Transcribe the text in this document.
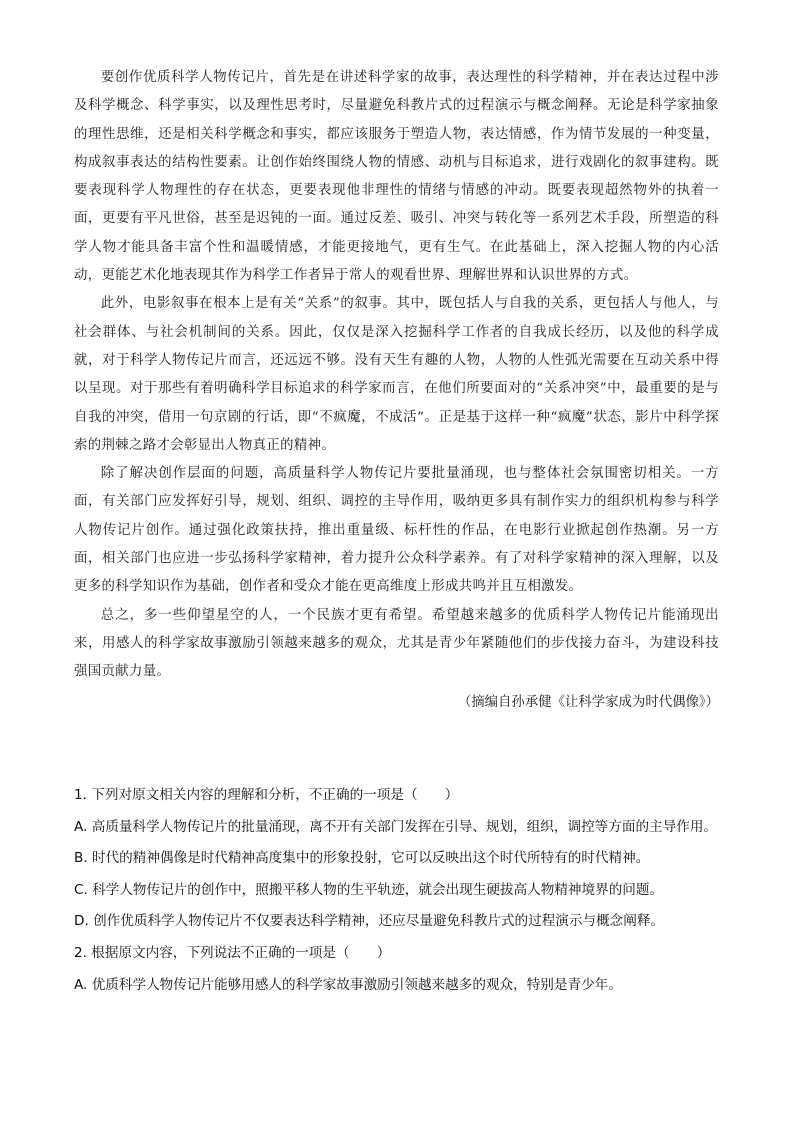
要创作优质科学人物传记片，首先是在讲述科学家的故事，表达理性的科学精神，并在表达过程中涉及科学概念、科学事实，以及理性思考时，尽量避免科教片式的过程演示与概念阐释。无论是科学家抽象的理性思维，还是相关科学概念和事实，都应该服务于塑造人物，表达情感，作为情节发展的一种变量，构成叙事表达的结构性要素。让创作始终围绕人物的情感、动机与目标追求，进行戏剧化的叙事建构。既要表现科学人物理性的存在状态，更要表现他非理性的情绪与情感的冲动。既要表现超然物外的执着一面，更要有平凡世俗，甚至是迟钝的一面。通过反差、吸引、冲突与转化等一系列艺术手段，所塑造的科学人物才能具备丰富个性和温暖情感，才能更接地气，更有生气。在此基础上，深入挖掘人物的内心活动，更能艺术化地表现其作为科学工作者异于常人的观看世界、理解世界和认识世界的方式。

此外，电影叙事在根本上是有关“关系”的叙事。其中，既包括人与自我的关系，更包括人与他人，与社会群体、与社会机制间的关系。因此，仅仅是深入挖掘科学工作者的自我成长经历，以及他的科学成就，对于科学人物传记片而言，还远远不够。没有天生有趣的人物，人物的人性弧光需要在互动关系中得以呈现。对于那些有着明确科学目标追求的科学家而言，在他们所要面对的“关系冲突”中，最重要的是与自我的冲突，借用一句京剧的行话，即“不疯魔，不成活”。正是基于这样一种“疯魔”状态，影片中科学探索的荆棘之路才会彰显出人物真正的精神。

除了解决创作层面的问题，高质量科学人物传记片要批量涌现，也与整体社会氛围密切相关。一方面，有关部门应发挥好引导，规划、组织、调控的主导作用，吸纳更多具有制作实力的组织机构参与科学人物传记片创作。通过强化政策扶持，推出重量级、标杆性的作品，在电影行业掀起创作热潮。另一方面，相关部门也应进一步弘扬科学家精神，着力提升公众科学素养。有了对科学家精神的深入理解，以及更多的科学知识作为基础，创作者和受众才能在更高维度上形成共鸣并且互相激发。

总之，多一些仰望星空的人，一个民族才更有希望。希望越来越多的优质科学人物传记片能涌现出来，用感人的科学家故事激励引领越来越多的观众，尤其是青少年紧随他们的步伐接力奋斗，为建设科技强国贡献力量。

（摘编自孙承健《让科学家成为时代偶像》）
1. 下列对原文相关内容的理解和分析，不正确的一项是（　　）
A. 高质量科学人物传记片的批量涌现，离不开有关部门发挥在引导、规划，组织，调控等方面的主导作用。
B. 时代的精神偶像是时代精神高度集中的形象投射，它可以反映出这个时代所特有的时代精神。
C. 科学人物传记片的创作中，照搬平移人物的生平轨迹，就会出现生硬拔高人物精神境界的问题。
D. 创作优质科学人物传记片不仅要表达科学精神，还应尽量避免科教片式的过程演示与概念阐释。
2. 根据原文内容，下列说法不正确的一项是（　　）
A. 优质科学人物传记片能够用感人的科学家故事激励引领越来越多的观众，特别是青少年。
